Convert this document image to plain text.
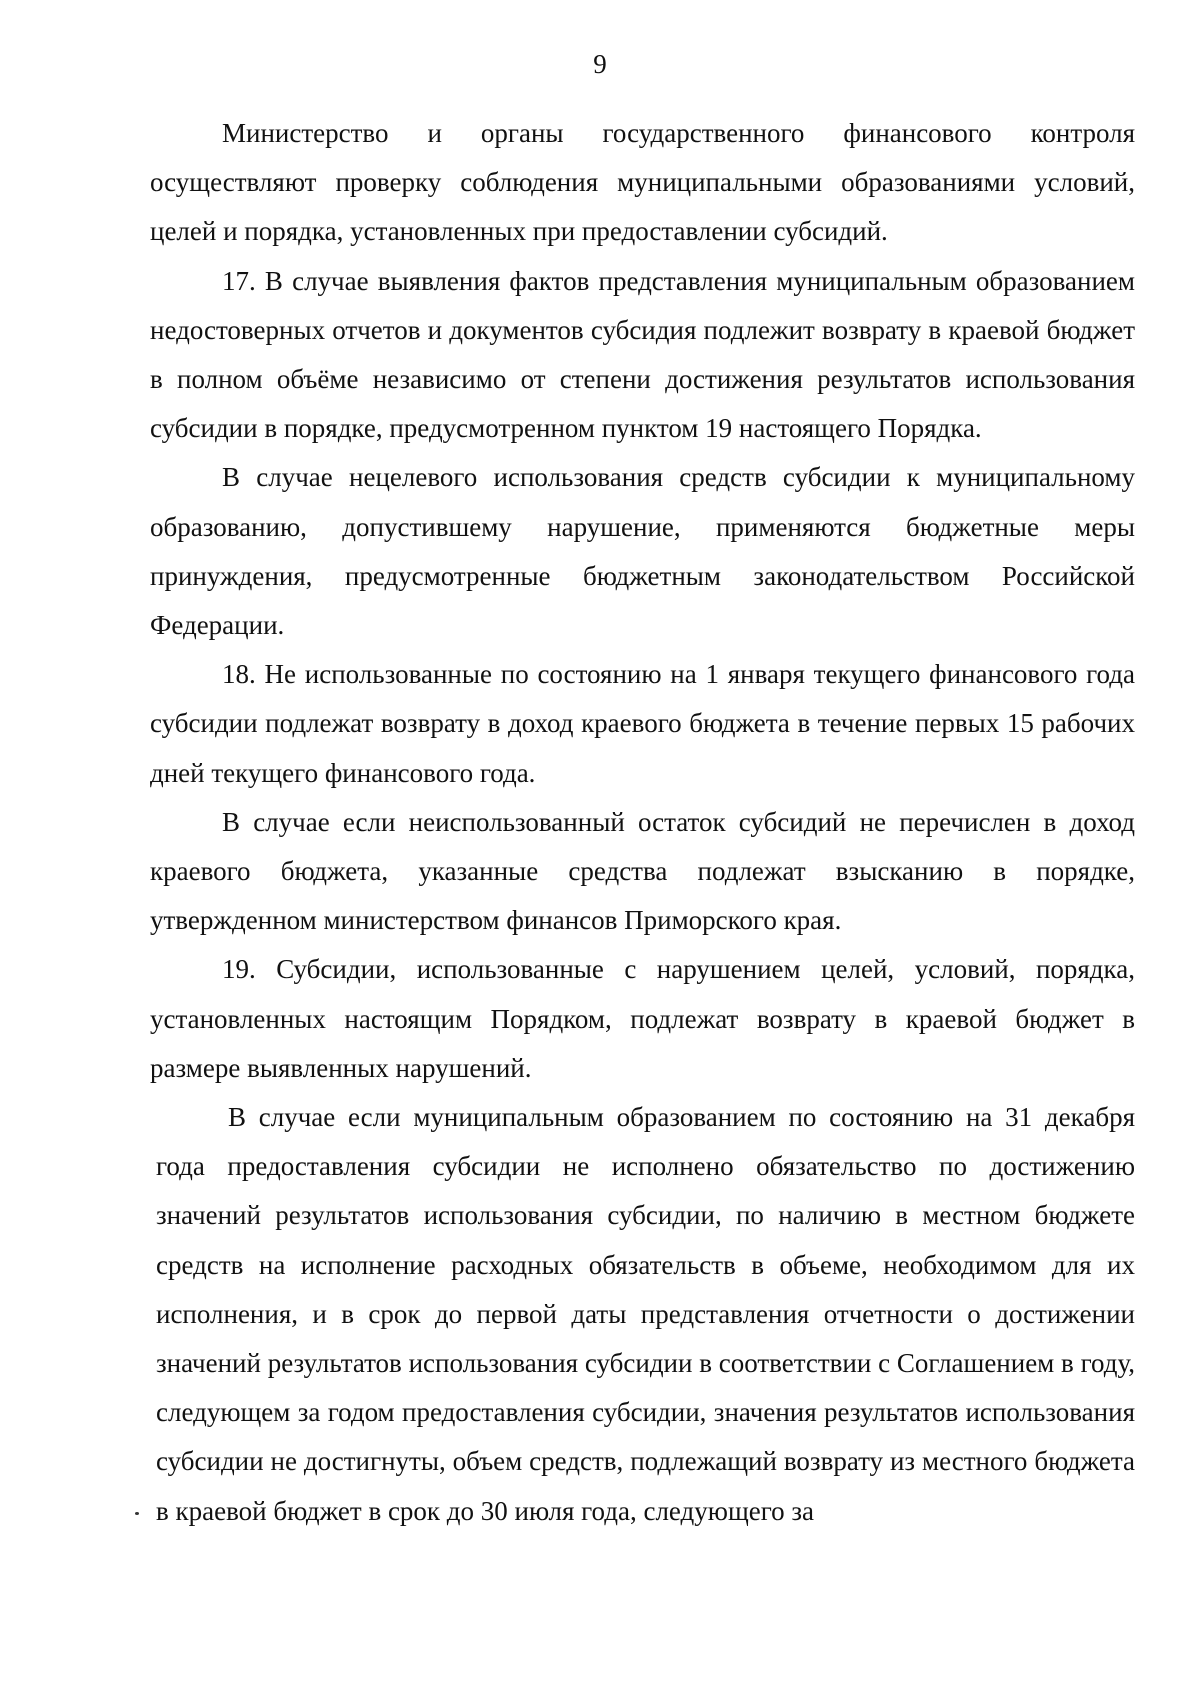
9

Министерство и органы государственного финансового контроля осуществляют проверку соблюдения муниципальными образованиями условий, целей и порядка, установленных при предоставлении субсидий.

17. В случае выявления фактов представления муниципальным образованием недостоверных отчетов и документов субсидия подлежит возврату в краевой бюджет в полном объёме независимо от степени достижения результатов использования субсидии в порядке, предусмотренном пунктом 19 настоящего Порядка.

В случае нецелевого использования средств субсидии к муниципальному образованию, допустившему нарушение, применяются бюджетные меры принуждения, предусмотренные бюджетным законодательством Российской Федерации.

18. Не использованные по состоянию на 1 января текущего финансового года субсидии подлежат возврату в доход краевого бюджета в течение первых 15 рабочих дней текущего финансового года.

В случае если неиспользованный остаток субсидий не перечислен в доход краевого бюджета, указанные средства подлежат взысканию в порядке, утвержденном министерством финансов Приморского края.

19. Субсидии, использованные с нарушением целей, условий, порядка, установленных настоящим Порядком, подлежат возврату в краевой бюджет в размере выявленных нарушений.

В случае если муниципальным образованием по состоянию на 31 декабря года предоставления субсидии не исполнено обязательство по достижению значений результатов использования субсидии, по наличию в местном бюджете средств на исполнение расходных обязательств в объеме, необходимом для их исполнения, и в срок до первой даты представления отчетности о достижении значений результатов использования субсидии в соответствии с Соглашением в году, следующем за годом предоставления субсидии, значения результатов использования субсидии не достигнуты, объем средств, подлежащий возврату из местного бюджета в краевой бюджет в срок до 30 июля года, следующего за
